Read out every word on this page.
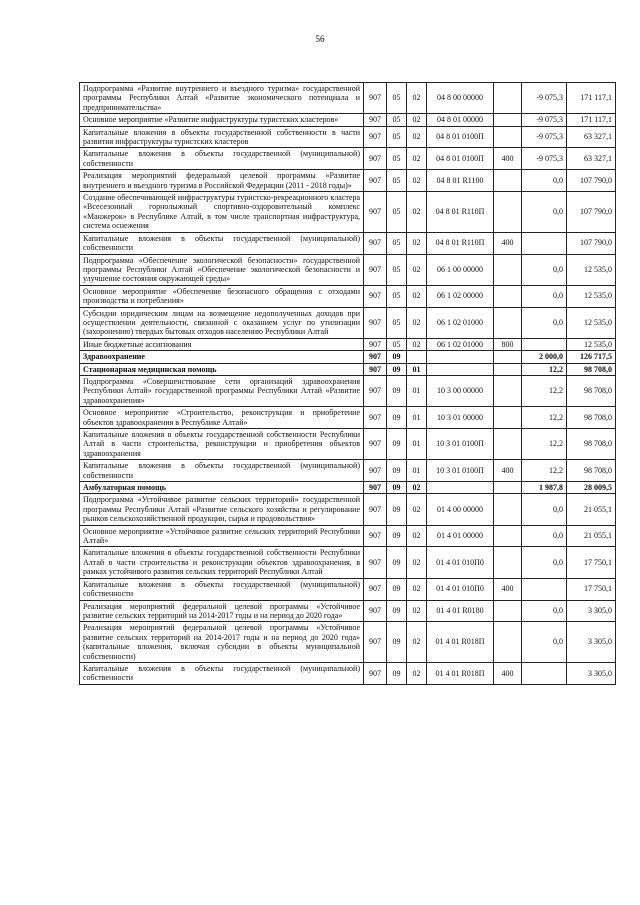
56
Подпрограмма «Развитие внутреннего и въездного туризма» государственной программы Республики Алтай «Развитие экономического потенциала и предпринимательства»	907	05	02	04 8 00 00000		-9 075,3	171 117,1
Основное мероприятие «Развитие инфраструктуры туристских кластеров»	907	05	02	04 8 01 00000		-9 075,3	171 117,1
Капитальные вложения в объекты государственной собственности в части развития инфраструктуры туристских кластеров	907	05	02	04 8 01 0100П		-9 075,3	63 327,1
Капитальные вложения в объекты государственной (муниципальной) собственности	907	05	02	04 8 01 0100П	400	-9 075,3	63 327,1
Реализация мероприятий федеральной целевой программы «Развитие внутреннего и въездного туризма в Российской Федерации (2011 - 2018 годы)»	907	05	02	04 8 01 R1100		0,0	107 790,0
Создание обеспечивающей инфраструктуры туристско-рекреационного кластера «Всесезонный горнолыжный спортивно-оздоровительный комплекс «Манжерок» в Республике Алтай, в том числе транспортная инфраструктура, система оснежения	907	05	02	04 8 01 R110П		0,0	107 790,0
Капитальные вложения в объекты государственной (муниципальной) собственности	907	05	02	04 8 01 R110П	400		107 790,0
Подпрограмма «Обеспечение экологической безопасности» государственной программы Республики Алтай «Обеспечение экологической безопасности и улучшение состояния окружающей среды»	907	05	02	06 1 00 00000		0,0	12 535,0
Основное мероприятие «Обеспечение безопасного обращения с отходами производства и потребления»	907	05	02	06 1 02 00000		0,0	12 535,0
Субсидии юридическим лицам на возмещение недополученных доходов при осуществлении деятельности, связанной с оказанием услуг по утилизации (захоронению) твердых бытовых отходов населению Республики Алтай	907	05	02	06 1 02 01000		0,0	12 535,0
Иные бюджетные ассигнования	907	05	02	06 1 02 01000	800		12 535,0
Здравоохранение	907	09				2 000,0	126 717,5
Стационарная медицинская помощь	907	09	01			12,2	98 708,0
Подпрограмма «Совершенствование сети организаций здравоохранения Республики Алтай» государственной программы Республики Алтай «Развитие здравоохранения»	907	09	01	10 3 00 00000		12,2	98 708,0
Основное мероприятие «Строительство, реконструкция и приобретение объектов здравоохранения в Республике Алтай»	907	09	01	10 3 01 00000		12,2	98 708,0
Капитальные вложения в объекты государственной собственности Республики Алтай в части строительства, реконструкции и приобретения объектов здравоохранения	907	09	01	10 3 01 0100П		12,2	98 708,0
Капитальные вложения в объекты государственной (муниципальной) собственности	907	09	01	10 3 01 0100П	400	12,2	98 708,0
Амбулаторная помощь	907	09	02			1 987,8	28 009,5
Подпрограмма «Устойчивое развитие сельских территорий» государственной программы Республики Алтай «Развитие сельского хозяйства и регулирование рынков сельскохозяйственной продукции, сырья и продовольствия»	907	09	02	01 4 00 00000		0,0	21 055,1
Основное мероприятие «Устойчивое развитие сельских территорий Республики Алтай»	907	09	02	01 4 01 00000		0,0	21 055,1
Капитальные вложения в объекты государственной собственности Республики Алтай в части строительства и реконструкции объектов здравоохранения, в рамках устойчивого развития сельских территорий Республики Алтай	907	09	02	01 4 01 010П0		0,0	17 750,1
Капитальные вложения в объекты государственной (муниципальной) собственности	907	09	02	01 4 01 010П0	400		17 750,1
Реализация мероприятий федеральной целевой программы «Устойчивое развитие сельских территорий на 2014-2017 годы и на период до 2020 года»	907	09	02	01 4 01 R0180		0,0	3 305,0
Реализация мероприятий федеральной целевой программы «Устойчивое развитие сельских территорий на 2014-2017 годы и на период до 2020 года» (капитальные вложения, включая субсидии в объекты муниципальной собственности)	907	09	02	01 4 01 R018П		0,0	3 305,0
Капитальные вложения в объекты государственной (муниципальной) собственности	907	09	02	01 4 01 R018П	400		3 305,0
